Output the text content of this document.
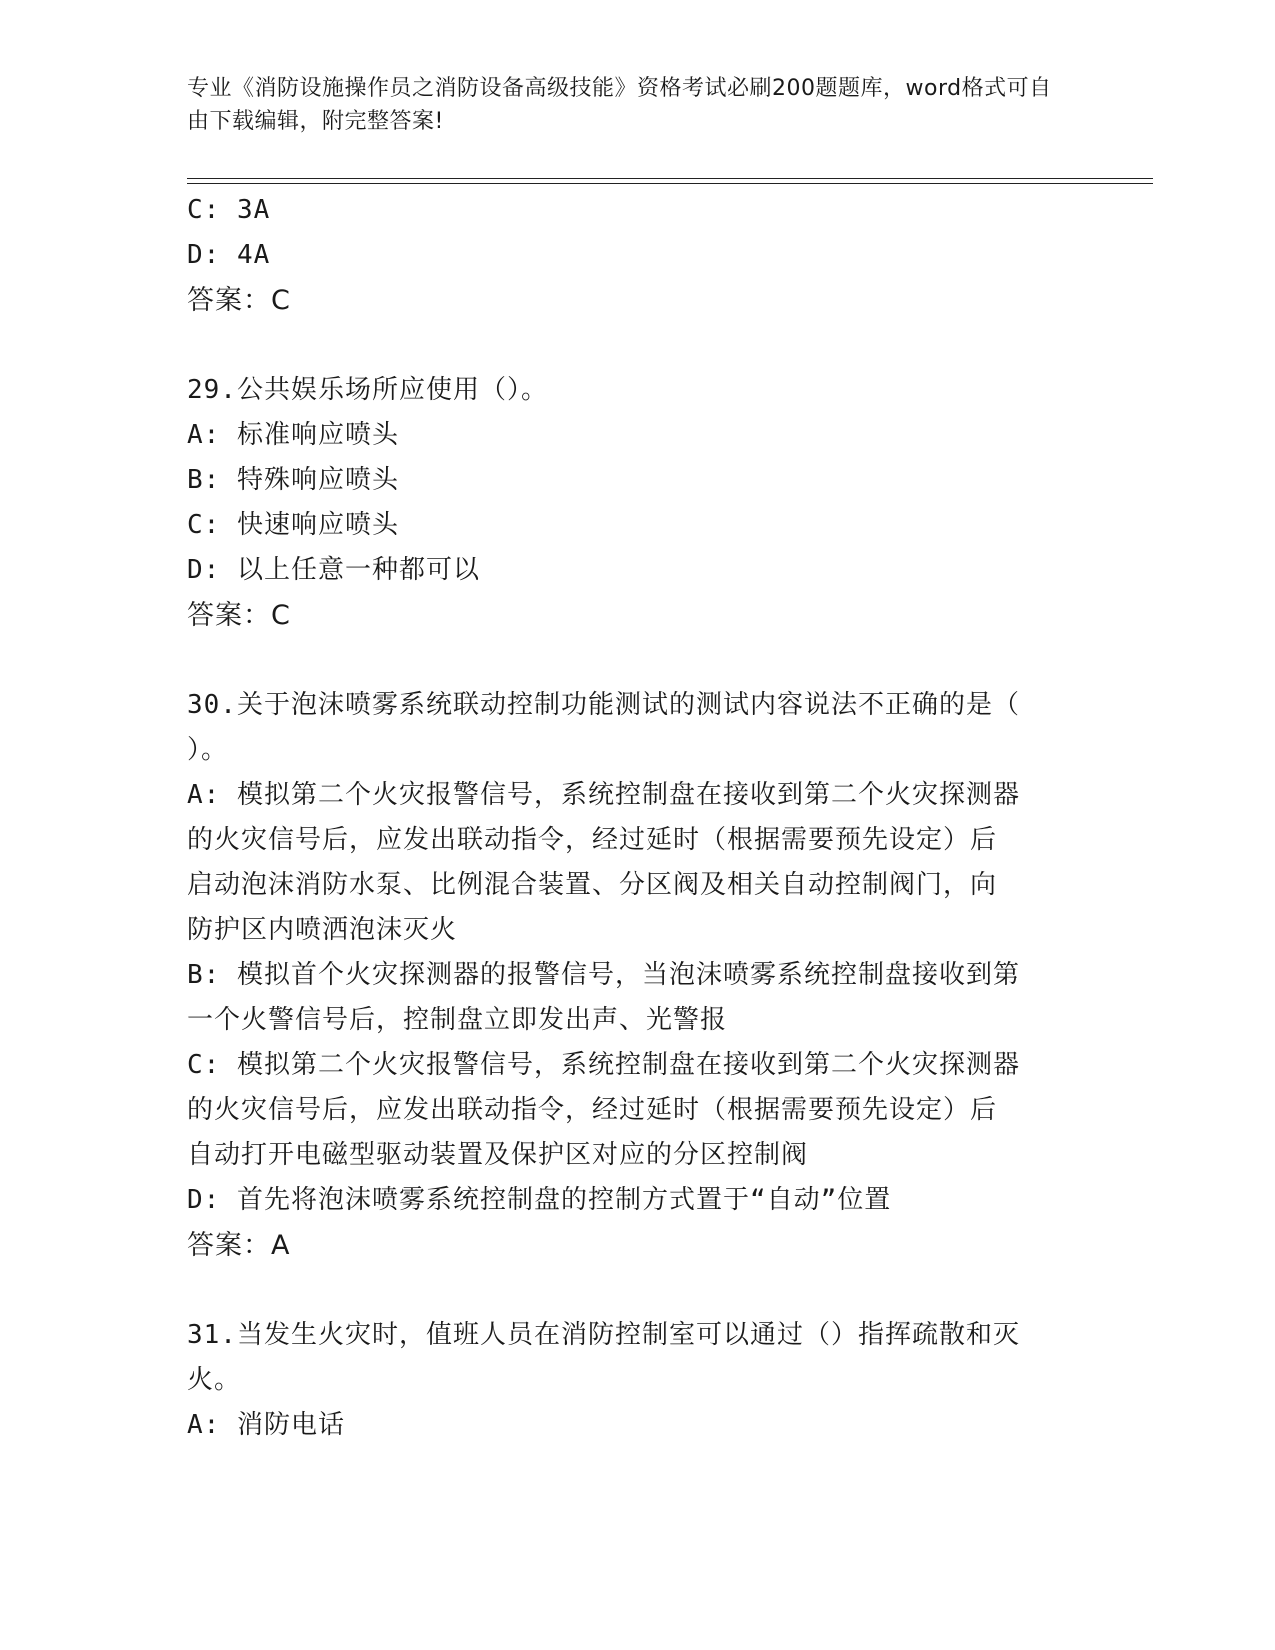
专业《消防设施操作员之消防设备高级技能》资格考试必刷200题题库，word格式可自由下载编辑，附完整答案!
C: 3A
D: 4A
答案：C
29.公共娱乐场所应使用（）。
A: 标准响应喷头
B: 特殊响应喷头
C: 快速响应喷头
D: 以上任意一种都可以
答案：C
30.关于泡沫喷雾系统联动控制功能测试的测试内容说法不正确的是（
）。
A: 模拟第二个火灾报警信号，系统控制盘在接收到第二个火灾探测器
的火灾信号后，应发出联动指令，经过延时（根据需要预先设定）后
启动泡沫消防水泵、比例混合装置、分区阀及相关自动控制阀门，向
防护区内喷洒泡沫灭火
B: 模拟首个火灾探测器的报警信号，当泡沫喷雾系统控制盘接收到第
一个火警信号后，控制盘立即发出声、光警报
C: 模拟第二个火灾报警信号，系统控制盘在接收到第二个火灾探测器
的火灾信号后，应发出联动指令，经过延时（根据需要预先设定）后
自动打开电磁型驱动装置及保护区对应的分区控制阀
D: 首先将泡沫喷雾系统控制盘的控制方式置于“自动”位置
答案：A
31.当发生火灾时，值班人员在消防控制室可以通过（）指挥疏散和灭
火。
A: 消防电话
